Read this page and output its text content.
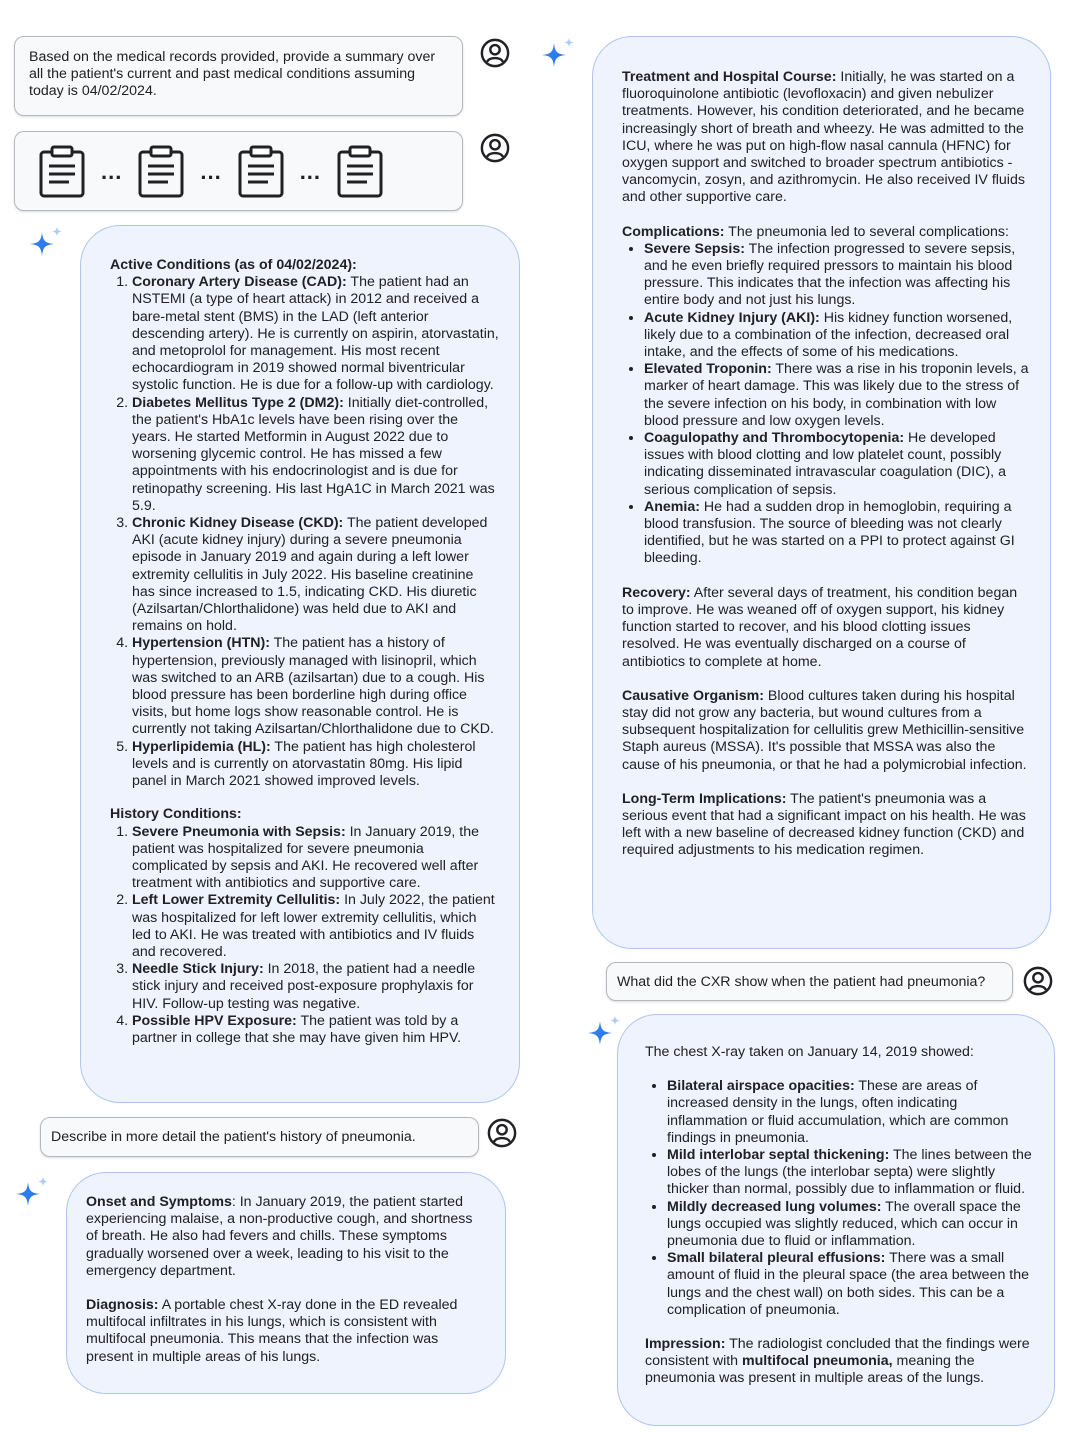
Based on the medical records provided, provide a summary over all the patient's current and past medical conditions assuming today is 04/02/2024.
...	...	...
Active Conditions (as of 04/02/2024):
1. Coronary Artery Disease (CAD): The patient had an NSTEMI (a type of heart attack) in 2012 and received a bare-metal stent (BMS) in the LAD (left anterior descending artery). He is currently on aspirin, atorvastatin, and metoprolol for management. His most recent echocardiogram in 2019 showed normal biventricular systolic function. He is due for a follow-up with cardiology.
2. Diabetes Mellitus Type 2 (DM2): Initially diet-controlled, the patient's HbA1c levels have been rising over the years. He started Metformin in August 2022 due to worsening glycemic control. He has missed a few appointments with his endocrinologist and is due for retinopathy screening. His last HgA1C in March 2021 was 5.9.
3. Chronic Kidney Disease (CKD): The patient developed AKI (acute kidney injury) during a severe pneumonia episode in January 2019 and again during a left lower extremity cellulitis in July 2022. His baseline creatinine has since increased to 1.5, indicating CKD. His diuretic (Azilsartan/Chlorthalidone) was held due to AKI and remains on hold.
4. Hypertension (HTN): The patient has a history of hypertension, previously managed with lisinopril, which was switched to an ARB (azilsartan) due to a cough. His blood pressure has been borderline high during office visits, but home logs show reasonable control. He is currently not taking Azilsartan/Chlorthalidone due to CKD.
5. Hyperlipidemia (HL): The patient has high cholesterol levels and is currently on atorvastatin 80mg. His lipid panel in March 2021 showed improved levels.
History Conditions:
1. Severe Pneumonia with Sepsis: In January 2019, the patient was hospitalized for severe pneumonia complicated by sepsis and AKI. He recovered well after treatment with antibiotics and supportive care.
2. Left Lower Extremity Cellulitis: In July 2022, the patient was hospitalized for left lower extremity cellulitis, which led to AKI. He was treated with antibiotics and IV fluids and recovered.
3. Needle Stick Injury: In 2018, the patient had a needle stick injury and received post-exposure prophylaxis for HIV. Follow-up testing was negative.
4. Possible HPV Exposure: The patient was told by a partner in college that she may have given him HPV.
Describe in more detail the patient's history of pneumonia.
Onset and Symptoms: In January 2019, the patient started experiencing malaise, a non-productive cough, and shortness of breath. He also had fevers and chills. These symptoms gradually worsened over a week, leading to his visit to the emergency department.
Diagnosis: A portable chest X-ray done in the ED revealed multifocal infiltrates in his lungs, which is consistent with multifocal pneumonia. This means that the infection was present in multiple areas of his lungs.
Treatment and Hospital Course: Initially, he was started on a fluoroquinolone antibiotic (levofloxacin) and given nebulizer treatments. However, his condition deteriorated, and he became increasingly short of breath and wheezy. He was admitted to the ICU, where he was put on high-flow nasal cannula (HFNC) for oxygen support and switched to broader spectrum antibiotics - vancomycin, zosyn, and azithromycin. He also received IV fluids and other supportive care.
Complications: The pneumonia led to several complications:
• Severe Sepsis: The infection progressed to severe sepsis, and he even briefly required pressors to maintain his blood pressure. This indicates that the infection was affecting his entire body and not just his lungs.
• Acute Kidney Injury (AKI): His kidney function worsened, likely due to a combination of the infection, decreased oral intake, and the effects of some of his medications.
• Elevated Troponin: There was a rise in his troponin levels, a marker of heart damage. This was likely due to the stress of the severe infection on his body, in combination with low blood pressure and low oxygen levels.
• Coagulopathy and Thrombocytopenia: He developed issues with blood clotting and low platelet count, possibly indicating disseminated intravascular coagulation (DIC), a serious complication of sepsis.
• Anemia: He had a sudden drop in hemoglobin, requiring a blood transfusion. The source of bleeding was not clearly identified, but he was started on a PPI to protect against GI bleeding.
Recovery: After several days of treatment, his condition began to improve. He was weaned off of oxygen support, his kidney function started to recover, and his blood clotting issues resolved. He was eventually discharged on a course of antibiotics to complete at home.
Causative Organism: Blood cultures taken during his hospital stay did not grow any bacteria, but wound cultures from a subsequent hospitalization for cellulitis grew Methicillin-sensitive Staph aureus (MSSA). It's possible that MSSA was also the cause of his pneumonia, or that he had a polymicrobial infection.
Long-Term Implications: The patient's pneumonia was a serious event that had a significant impact on his health. He was left with a new baseline of decreased kidney function (CKD) and required adjustments to his medication regimen.
What did the CXR show when the patient had pneumonia?
The chest X-ray taken on January 14, 2019 showed:
• Bilateral airspace opacities: These are areas of increased density in the lungs, often indicating inflammation or fluid accumulation, which are common findings in pneumonia.
• Mild interlobar septal thickening: The lines between the lobes of the lungs (the interlobar septa) were slightly thicker than normal, possibly due to inflammation or fluid.
• Mildly decreased lung volumes: The overall space the lungs occupied was slightly reduced, which can occur in pneumonia due to fluid or inflammation.
• Small bilateral pleural effusions: There was a small amount of fluid in the pleural space (the area between the lungs and the chest wall) on both sides. This can be a complication of pneumonia.
Impression: The radiologist concluded that the findings were consistent with multifocal pneumonia, meaning the pneumonia was present in multiple areas of the lungs.
